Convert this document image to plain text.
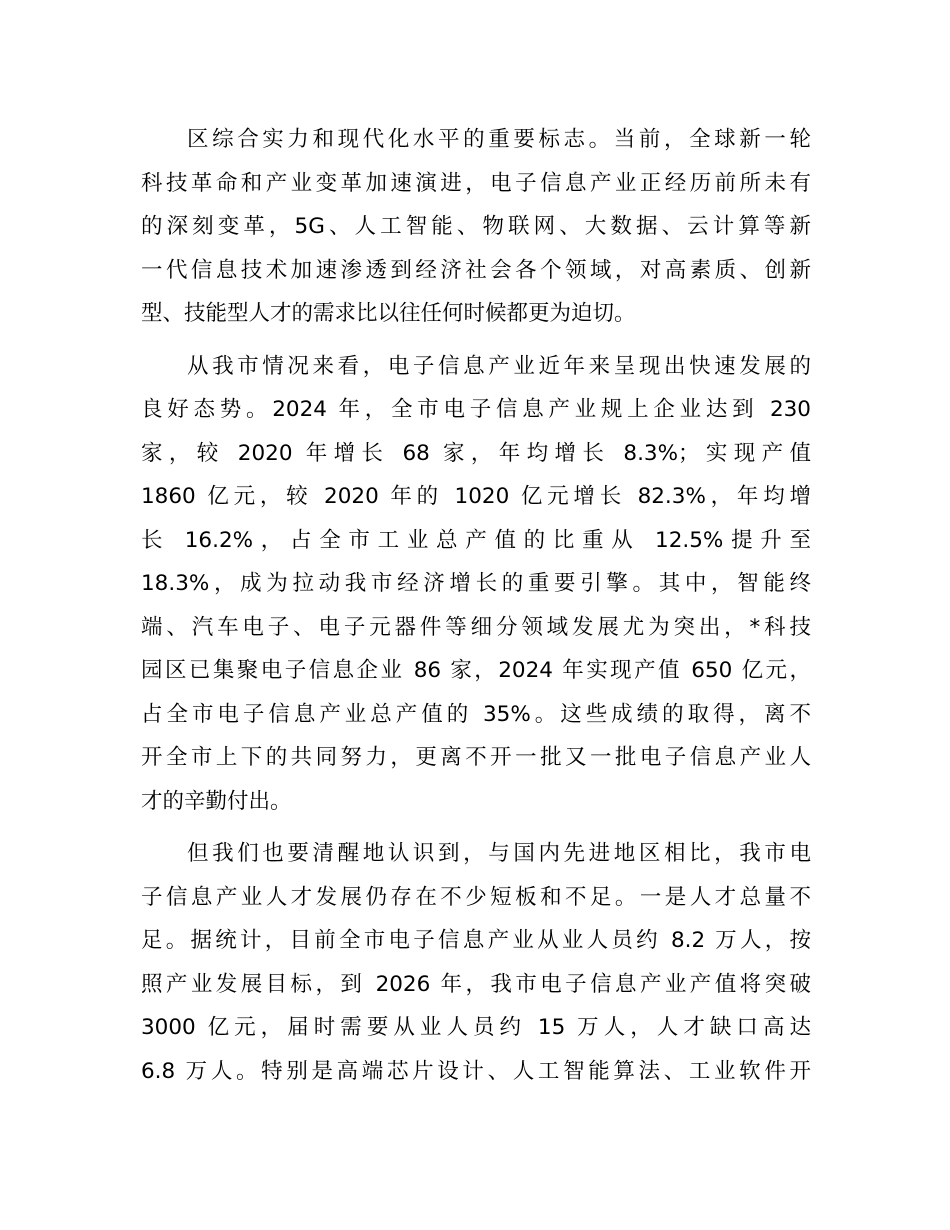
区综合实力和现代化水平的重要标志。当前，全球新一轮
科技革命和产业变革加速演进，电子信息产业正经历前所未有
的深刻变革，5G、人工智能、物联网、大数据、云计算等新
一代信息技术加速渗透到经济社会各个领域，对高素质、创新
型、技能型人才的需求比以往任何时候都更为迫切。

从我市情况来看，电子信息产业近年来呈现出快速发展的
良好态势。2024 年，全市电子信息产业规上企业达到 230
家，较 2020 年增长 68 家，年均增长 8.3%；实现产值
1860 亿元，较 2020 年的 1020 亿元增长 82.3%，年均增
长 16.2%，占全市工业总产值的比重从 12.5%提升至
18.3%，成为拉动我市经济增长的重要引擎。其中，智能终
端、汽车电子、电子元器件等细分领域发展尤为突出，*科技
园区已集聚电子信息企业 86 家，2024 年实现产值 650 亿元，
占全市电子信息产业总产值的 35%。这些成绩的取得，离不
开全市上下的共同努力，更离不开一批又一批电子信息产业人
才的辛勤付出。

但我们也要清醒地认识到，与国内先进地区相比，我市电
子信息产业人才发展仍存在不少短板和不足。一是人才总量不
足。据统计，目前全市电子信息产业从业人员约 8.2 万人，按
照产业发展目标，到 2026 年，我市电子信息产业产值将突破
3000 亿元，届时需要从业人员约 15 万人，人才缺口高达
6.8 万人。特别是高端芯片设计、人工智能算法、工业软件开
